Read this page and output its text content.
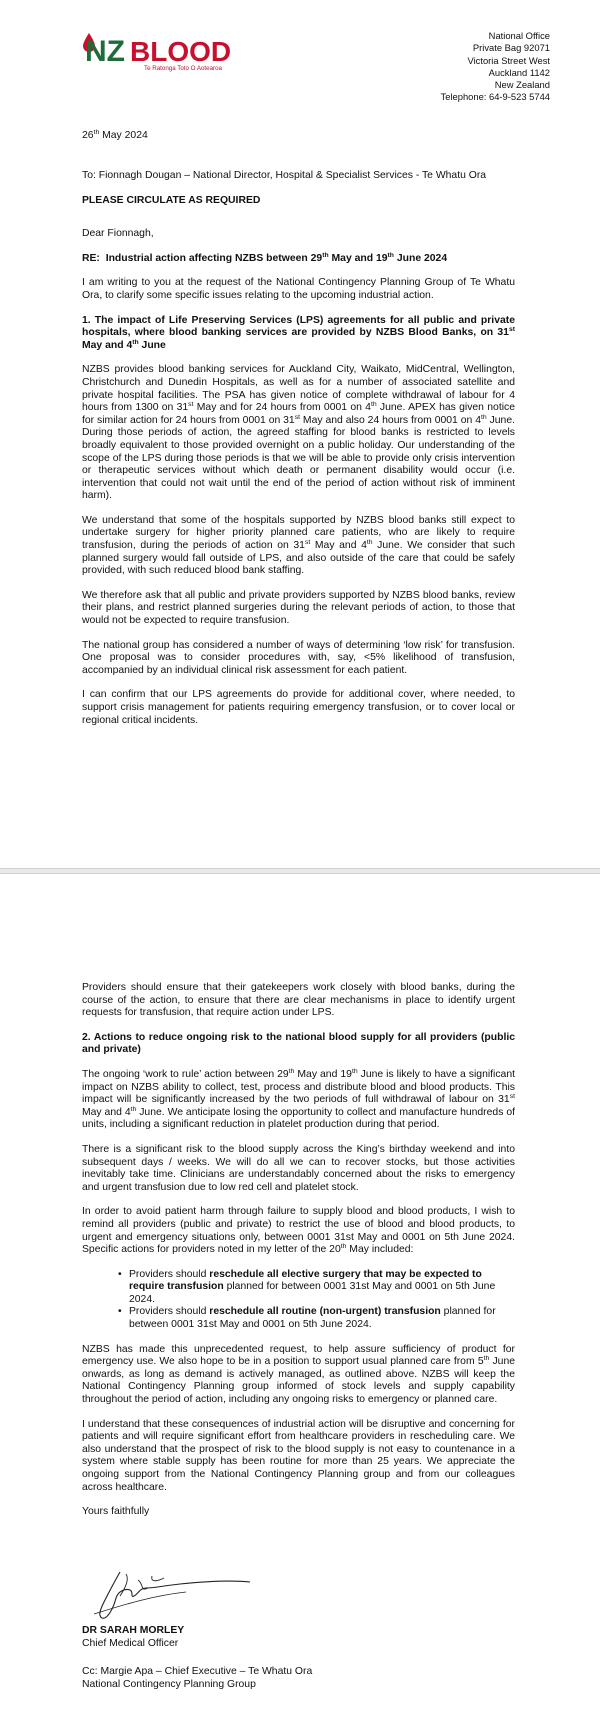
NZ BLOOD
Te Ratonga Toto O Aotearoa
National Office
Private Bag 92071
Victoria Street West
Auckland 1142
New Zealand
Telephone: 64-9-523 5744
26th May 2024

To: Fionnagh Dougan – National Director, Hospital & Specialist Services - Te Whatu Ora

PLEASE CIRCULATE AS REQUIRED

Dear Fionnagh,

RE: Industrial action affecting NZBS between 29th May and 19th June 2024

I am writing to you at the request of the National Contingency Planning Group of Te Whatu Ora, to clarify some specific issues relating to the upcoming industrial action.

1. The impact of Life Preserving Services (LPS) agreements for all public and private hospitals, where blood banking services are provided by NZBS Blood Banks, on 31st May and 4th June

NZBS provides blood banking services for Auckland City, Waikato, MidCentral, Wellington, Christchurch and Dunedin Hospitals, as well as for a number of associated satellite and private hospital facilities. The PSA has given notice of complete withdrawal of labour for 4 hours from 1300 on 31st May and for 24 hours from 0001 on 4th June. APEX has given notice for similar action for 24 hours from 0001 on 31st May and also 24 hours from 0001 on 4th June. During those periods of action, the agreed staffing for blood banks is restricted to levels broadly equivalent to those provided overnight on a public holiday. Our understanding of the scope of the LPS during those periods is that we will be able to provide only crisis intervention or therapeutic services without which death or permanent disability would occur (i.e. intervention that could not wait until the end of the period of action without risk of imminent harm).

We understand that some of the hospitals supported by NZBS blood banks still expect to undertake surgery for higher priority planned care patients, who are likely to require transfusion, during the periods of action on 31st May and 4th June. We consider that such planned surgery would fall outside of LPS, and also outside of the care that could be safely provided, with such reduced blood bank staffing.

We therefore ask that all public and private providers supported by NZBS blood banks, review their plans, and restrict planned surgeries during the relevant periods of action, to those that would not be expected to require transfusion.

The national group has considered a number of ways of determining ‘low risk’ for transfusion. One proposal was to consider procedures with, say, <5% likelihood of transfusion, accompanied by an individual clinical risk assessment for each patient.

I can confirm that our LPS agreements do provide for additional cover, where needed, to support crisis management for patients requiring emergency transfusion, or to cover local or regional critical incidents.

Providers should ensure that their gatekeepers work closely with blood banks, during the course of the action, to ensure that there are clear mechanisms in place to identify urgent requests for transfusion, that require action under LPS.

2. Actions to reduce ongoing risk to the national blood supply for all providers (public and private)

The ongoing ‘work to rule’ action between 29th May and 19th June is likely to have a significant impact on NZBS ability to collect, test, process and distribute blood and blood products. This impact will be significantly increased by the two periods of full withdrawal of labour on 31st May and 4th June. We anticipate losing the opportunity to collect and manufacture hundreds of units, including a significant reduction in platelet production during that period.

There is a significant risk to the blood supply across the King’s birthday weekend and into subsequent days / weeks. We will do all we can to recover stocks, but those activities inevitably take time. Clinicians are understandably concerned about the risks to emergency and urgent transfusion due to low red cell and platelet stock.

In order to avoid patient harm through failure to supply blood and blood products, I wish to remind all providers (public and private) to restrict the use of blood and blood products, to urgent and emergency situations only, between 0001 31st May and 0001 on 5th June 2024. Specific actions for providers noted in my letter of the 20th May included:

• Providers should reschedule all elective surgery that may be expected to require transfusion planned for between 0001 31st May and 0001 on 5th June 2024.
• Providers should reschedule all routine (non-urgent) transfusion planned for between 0001 31st May and 0001 on 5th June 2024.

NZBS has made this unprecedented request, to help assure sufficiency of product for emergency use. We also hope to be in a position to support usual planned care from 5th June onwards, as long as demand is actively managed, as outlined above. NZBS will keep the National Contingency Planning group informed of stock levels and supply capability throughout the period of action, including any ongoing risks to emergency or planned care.

I understand that these consequences of industrial action will be disruptive and concerning for patients and will require significant effort from healthcare providers in rescheduling care. We also understand that the prospect of risk to the blood supply is not easy to countenance in a system where stable supply has been routine for more than 25 years. We appreciate the ongoing support from the National Contingency Planning group and from our colleagues across healthcare.

Yours faithfully

DR SARAH MORLEY
Chief Medical Officer
Cc: Margie Apa – Chief Executive – Te Whatu Ora
National Contingency Planning Group
